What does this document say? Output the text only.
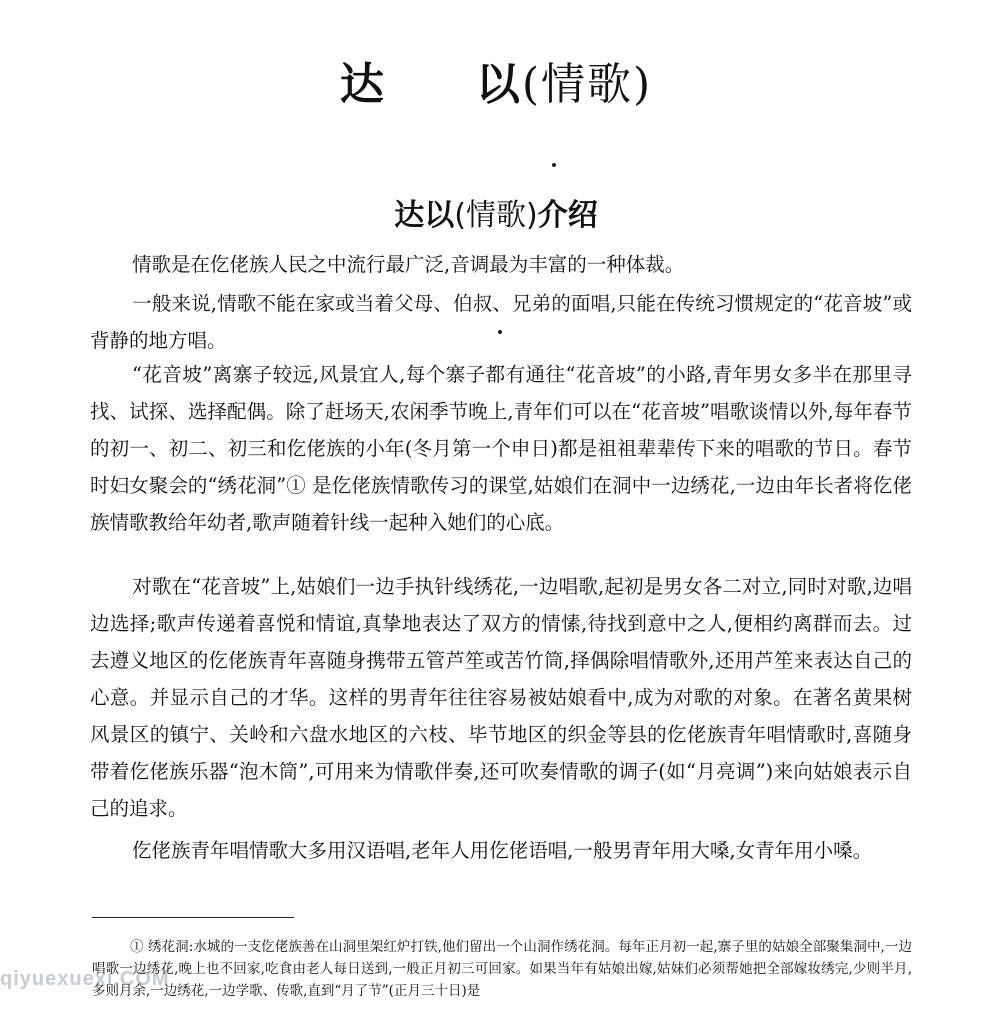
达 以(情歌)
达以(情歌)介绍

情歌是在仡佬族人民之中流行最广泛,音调最为丰富的一种体裁。

一般来说,情歌不能在家或当着父母、伯叔、兄弟的面唱,只能在传统习惯规定的“花音坡”或背静的地方唱。

“花音坡”离寨子较远,风景宜人,每个寨子都有通往“花音坡”的小路,青年男女多半在那里寻找、试探、选择配偶。除了赶场天,农闲季节晚上,青年们可以在“花音坡”唱歌谈情以外,每年春节的初一、初二、初三和仡佬族的小年(冬月第一个申日)都是祖祖辈辈传下来的唱歌的节日。春节时妇女聚会的“绣花洞”① 是仡佬族情歌传习的课堂,姑娘们在洞中一边绣花,一边由年长者将仡佬族情歌教给年幼者,歌声随着针线一起种入她们的心底。

对歌在“花音坡”上,姑娘们一边手执针线绣花,一边唱歌,起初是男女各二对立,同时对歌,边唱边选择;歌声传递着喜悦和情谊,真挚地表达了双方的情愫,待找到意中之人,便相约离群而去。过去遵义地区的仡佬族青年喜随身携带五管芦笙或苦竹筒,择偶除唱情歌外,还用芦笙来表达自己的心意。并显示自己的才华。这样的男青年往往容易被姑娘看中,成为对歌的对象。在著名黄果树风景区的镇宁、关岭和六盘水地区的六枝、毕节地区的织金等县的仡佬族青年唱情歌时,喜随身带着仡佬族乐器“泡木筒”,可用来为情歌伴奏,还可吹奏情歌的调子(如“月亮调”)来向姑娘表示自己的追求。

仡佬族青年唱情歌大多用汉语唱,老年人用仡佬语唱,一般男青年用大嗓,女青年用小嗓。

① 绣花洞:水城的一支仡佬族善在山洞里架红炉打铁,他们留出一个山洞作绣花洞。每年正月初一起,寨子里的姑娘全部聚集洞中,一边唱歌一边绣花,晚上也不回家,吃食由老人每日送到,一般正月初三可回家。如果当年有姑娘出嫁,姑妹们必须帮她把全部嫁妆绣完,少则半月,多则月余,一边绣花,一边学歌、传歌,直到“月了节”(正月三十日)是

qiyuexuexi.COM
